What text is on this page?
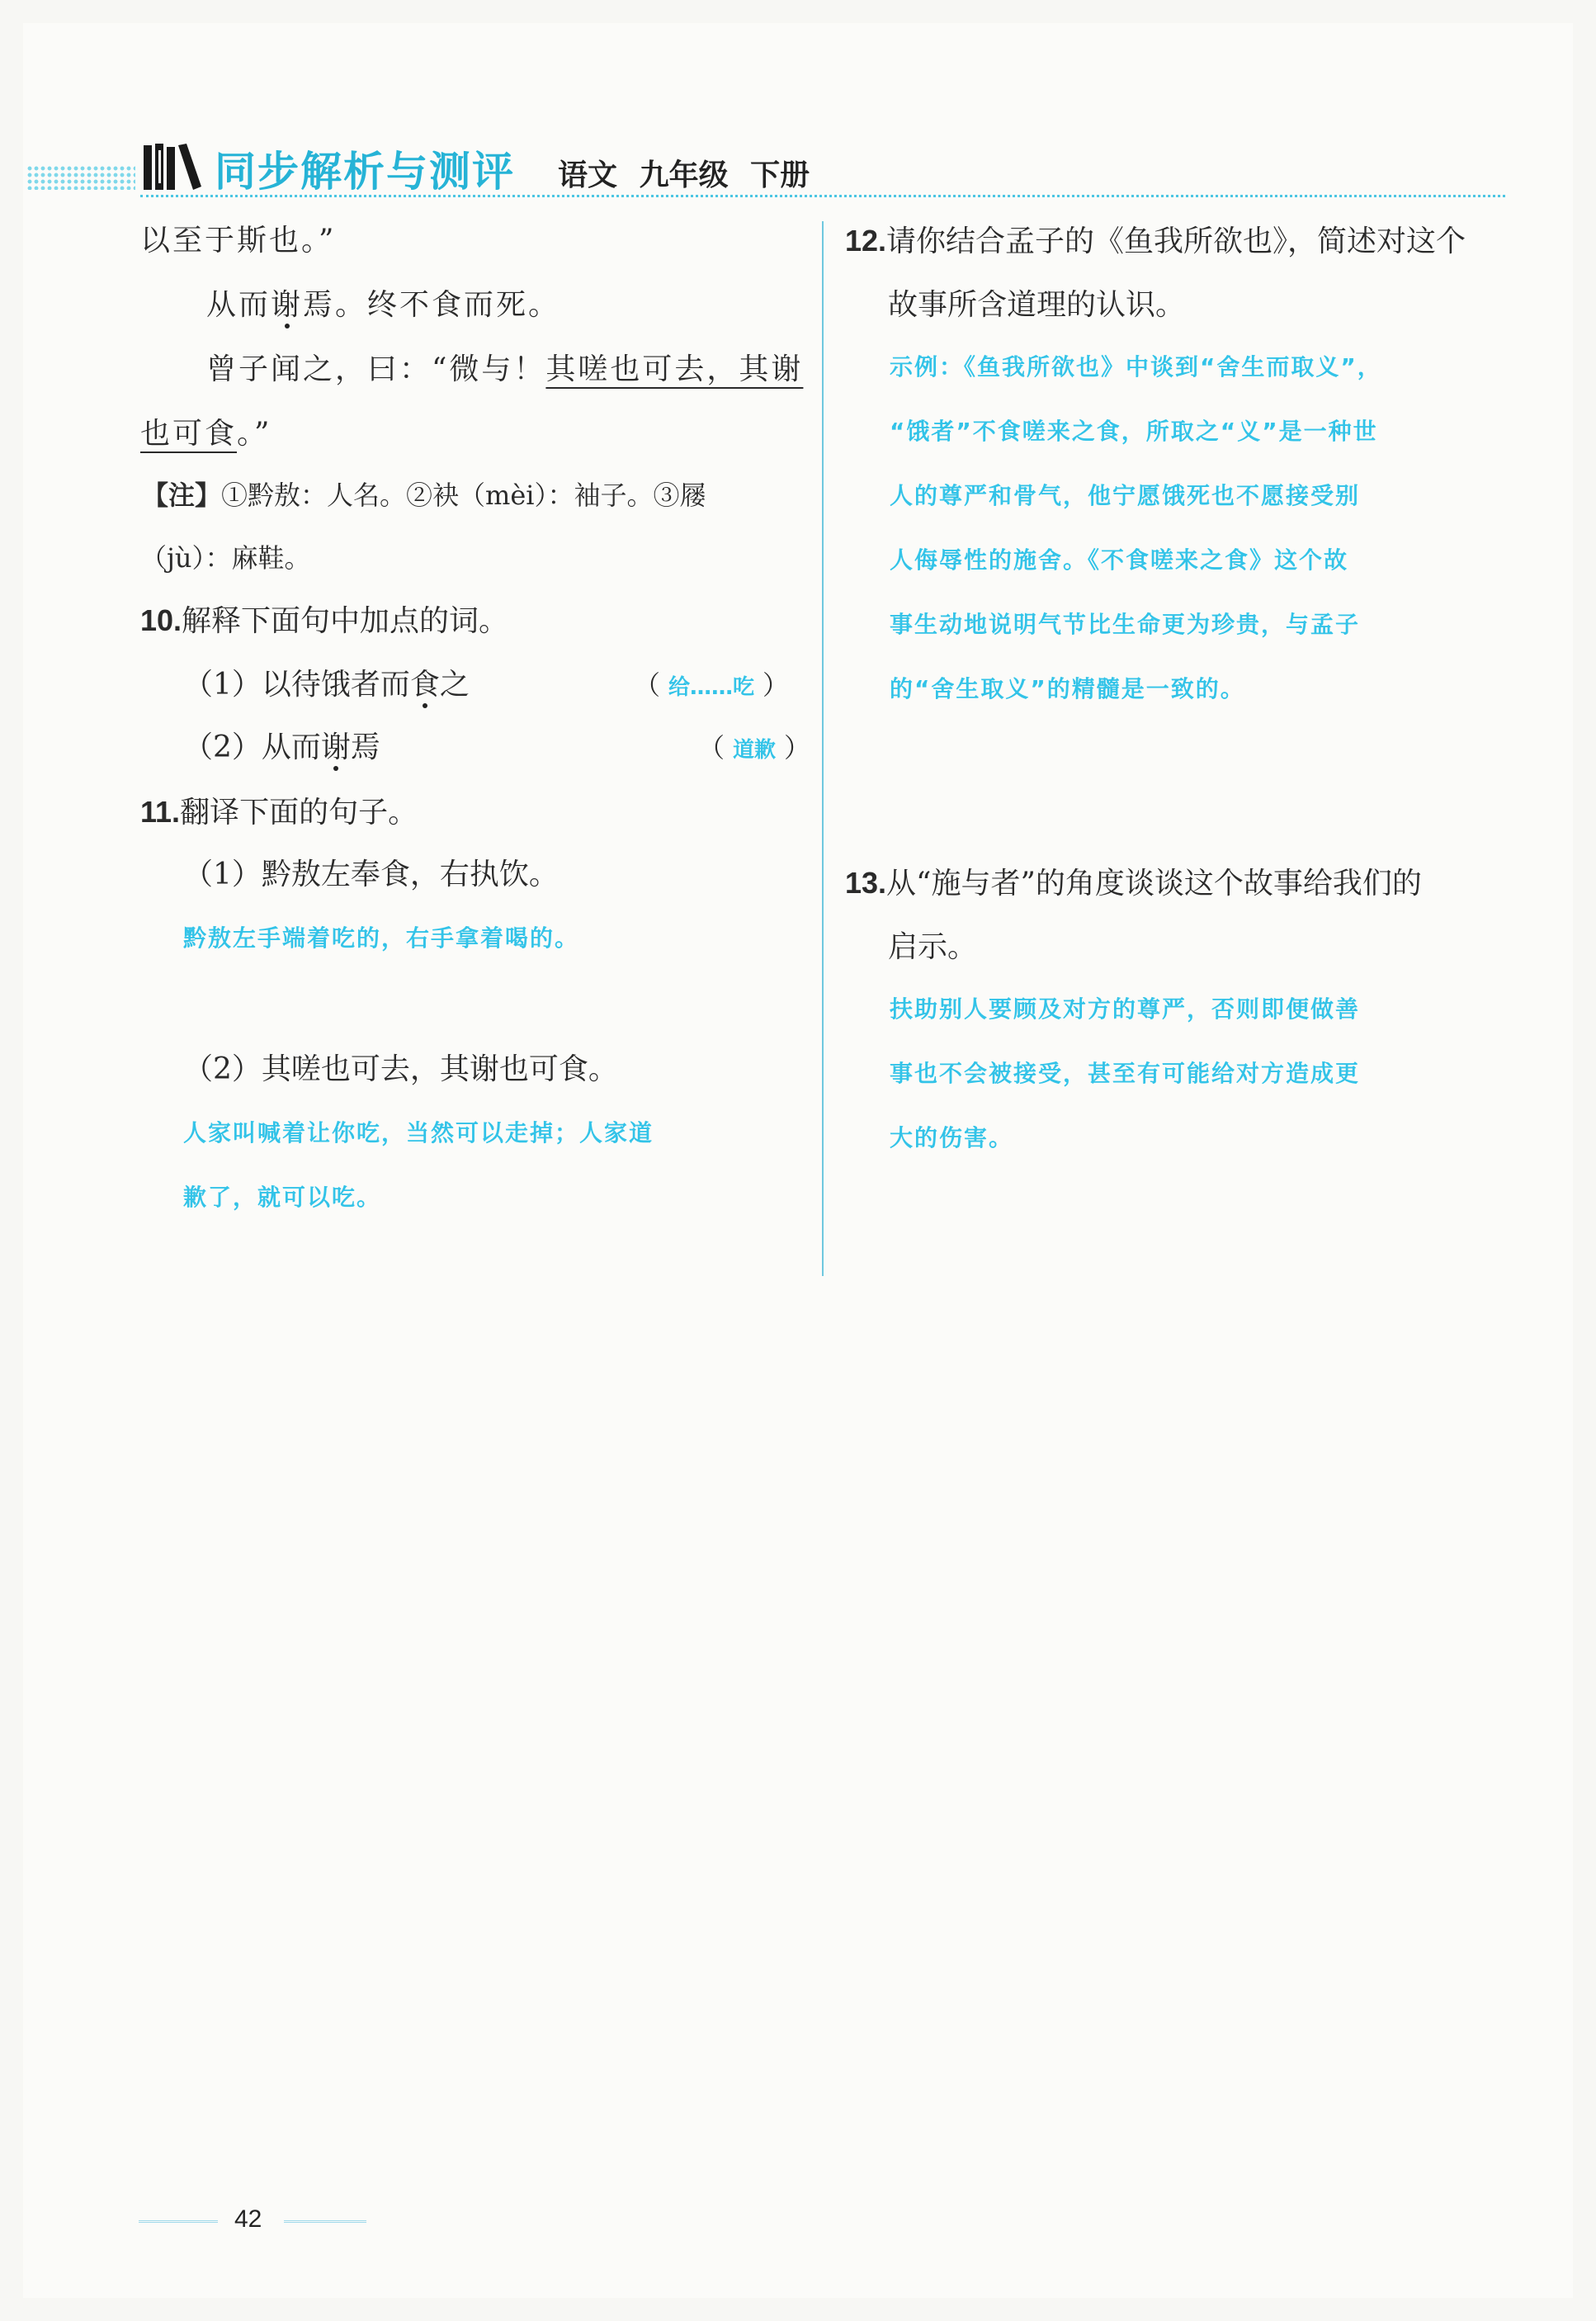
同步解析与测评 语文 九年级 下册
以至于斯也。”
从而谢焉。终不食而死。
曾子闻之，曰：“微与！其嗟也可去，其谢
也可食。”
【注】①黔敖：人名。②袂（mèi）：袖子。③屦
（jù）：麻鞋。
10.解释下面句中加点的词。
（1）以待饿者而食之	（ 给……吃 ）
（2）从而谢焉	（ 道歉 ）
11.翻译下面的句子。
（1）黔敖左奉食，右执饮。
黔敖左手端着吃的，右手拿着喝的。
（2）其嗟也可去，其谢也可食。
人家叫喊着让你吃，当然可以走掉；人家道
歉了，就可以吃。
12.请你结合孟子的《鱼我所欲也》，简述对这个
故事所含道理的认识。
示例：《鱼我所欲也》中谈到“舍生而取义”，
“饿者”不食嗟来之食，所取之“义”是一种世
人的尊严和骨气，他宁愿饿死也不愿接受别
人侮辱性的施舍。《不食嗟来之食》这个故
事生动地说明气节比生命更为珍贵，与孟子
的“舍生取义”的精髓是一致的。
13.从“施与者”的角度谈谈这个故事给我们的
启示。
扶助别人要顾及对方的尊严，否则即便做善
事也不会被接受，甚至有可能给对方造成更
大的伤害。
42
